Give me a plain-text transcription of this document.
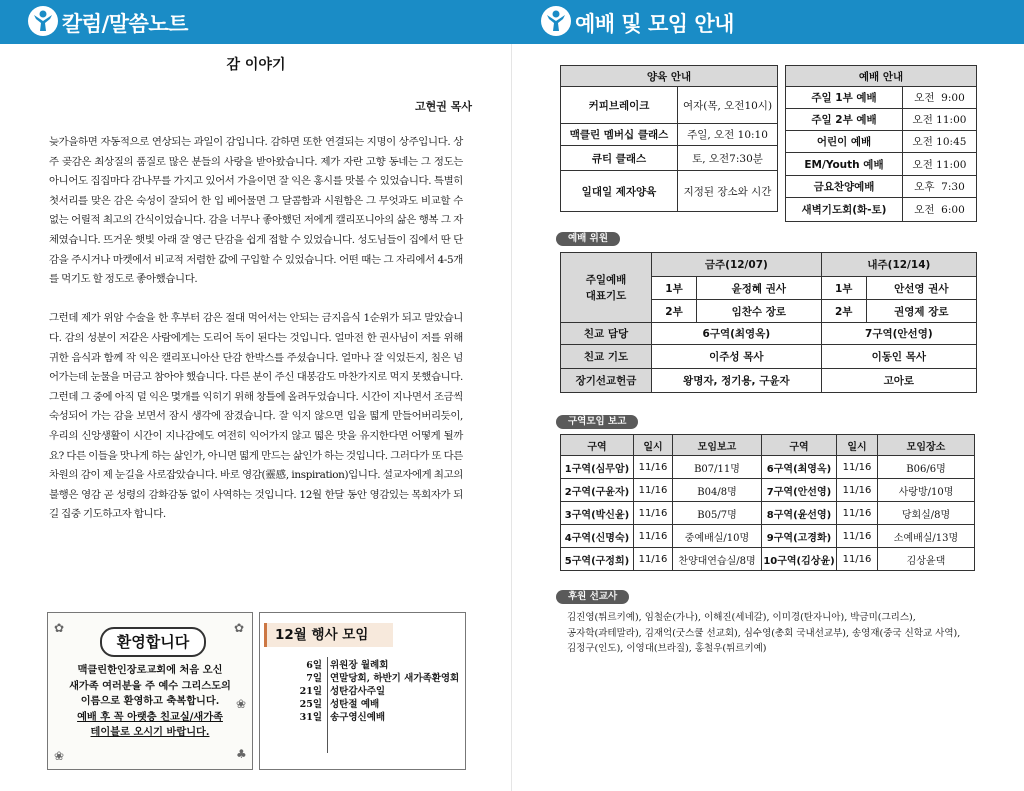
칼럼/말씀노트	예배 및 모임 안내
감 이야기
고현권 목사

늦가을하면 자동적으로 연상되는 과일이 감입니다. 감하면 또한 연결되는 지명이 상주입니다. 상주 곶감은 최상질의 품질로 많은 분들의 사랑을 받아왔습니다. 제가 자란 고향 동네는 그 정도는 아니어도 집집마다 감나무를 가지고 있어서 가을이면 잘 익은 홍시를 맛볼 수 있었습니다. 특별히 첫서리를 맞은 감은 숙성이 잘되어 한 입 베어물면 그 달콤함과 시원함은 그 무엇과도 비교할 수 없는 어릴적 최고의 간식이었습니다. 감을 너무나 좋아했던 저에게 캘리포니아의 삶은 행복 그 자체였습니다. 뜨거운 햇빛 아래 잘 영근 단감을 쉽게 접할 수 있었습니다. 성도님들이 집에서 딴 단감을 주시거나 마켓에서 비교적 저렴한 값에 구입할 수 있었습니다. 어떤 때는 그 자리에서 4-5개를 먹기도 할 정도로 좋아했습니다.

그런데 제가 위암 수술을 한 후부터 감은 절대 먹어서는 안되는 금지음식 1순위가 되고 말았습니다. 감의 성분이 저같은 사람에게는 도리어 독이 된다는 것입니다. 얼마전 한 권사님이 저를 위해 귀한 음식과 함께 작 익은 캘리포니아산 단감 한박스를 주셨습니다. 얼마나 잘 익었든지, 침은 넘어가는데 눈물을 머금고 참아야 했습니다. 다른 분이 주신 대봉감도 마찬가지로 먹지 못했습니다. 그런데 그 중에 아직 덜 익은 몇개를 익히기 위해 창틀에 올려두었습니다. 시간이 지나면서 조금씩 숙성되어 가는 감을 보면서 잠시 생각에 잠겼습니다. 잘 익지 않으면 입을 떫게 만들어버리듯이, 우리의 신앙생활이 시간이 지나감에도 여전히 익어가지 않고 떫은 맛을 유지한다면 어떻게 될까요? 다른 이들을 맛나게 하는 삶인가, 아니면 떫게 만드는 삶인가 하는 것입니다. 그러다가 또 다른 차원의 감이 제 눈길을 사로잡았습니다. 바로 영감(靈感, inspiration)입니다. 설교자에게 최고의 불행은 영감 곧 성령의 감화감동 없이 사역하는 것입니다. 12월 한달 동안 영감있는 목회자가 되길 집중 기도하고자 합니다.

✿	✿
❀
❀
♣
환영합니다
맥클린한인장로교회에 처음 오신
새가족 여러분을 주 예수 그리스도의
이름으로 환영하고 축복합니다.
예배 후 꼭 아랫층 친교실/새가족
테이블로 오시기 바랍니다.
12월 행사 모임
6일 위원장 월례회
7일 연말당회, 하반기 새가족환영회
21일 성탄감사주일
25일 성탄절 예배
31일 송구영신예배
양육 안내	
커피브레이크	여자(목, 오전10시)
맥클린 멤버십 클래스	주일, 오전 10:10
큐티 클래스	토, 오전7:30분
일대일 제자양육	지정된 장소와 시간
예배 안내	
주일 1부 예배	오전  9:00
주일 2부 예배	오전 11:00
어린이 예배	오전 10:45
EM/Youth 예배	오전 11:00
금요찬양예배	오후  7:30
새벽기도회(화-토)	오전  6:00
예배 위원
주일예배
대표기도	금주(12/07)		내주(12/14)	
	1부	윤정혜 권사	1부	안선영 권사
	2부	임찬수 장로	2부	권영제 장로
친교 담당	6구역(최영옥)		7구역(안선영)	
친교 기도	이주성 목사		이동인 목사	
장기선교헌금	왕명자, 정기용, 구윤자		고아로	
구역모임 보고
구역	일시	모임보고	구역	일시	모임장소
1구역(심무암)	11/16	B07/11명	6구역(최영옥)	11/16	B06/6명
2구역(구윤자)	11/16	B04/8명	7구역(안선영)	11/16	사랑방/10명
3구역(박신윤)	11/16	B05/7명	8구역(윤선영)	11/16	당회실/8명
4구역(신명숙)	11/16	중예배실/10명	9구역(고경화)	11/16	소예배실/13명
5구역(구정희)	11/16	찬양대연습실/8명	10구역(김상윤)	11/16	김상윤댁
후원 선교사
김진영(튀르키예), 임철순(가나), 이해진(세네갈), 이미경(탄자니아), 박금미(그리스),
공자학(과테말라), 김재억(굿스쿨 선교회), 심수영(총회 국내선교부), 송영재(중국 신학교 사역),
김정구(인도), 이영대(브라질), 홍철우(튀르키예)
